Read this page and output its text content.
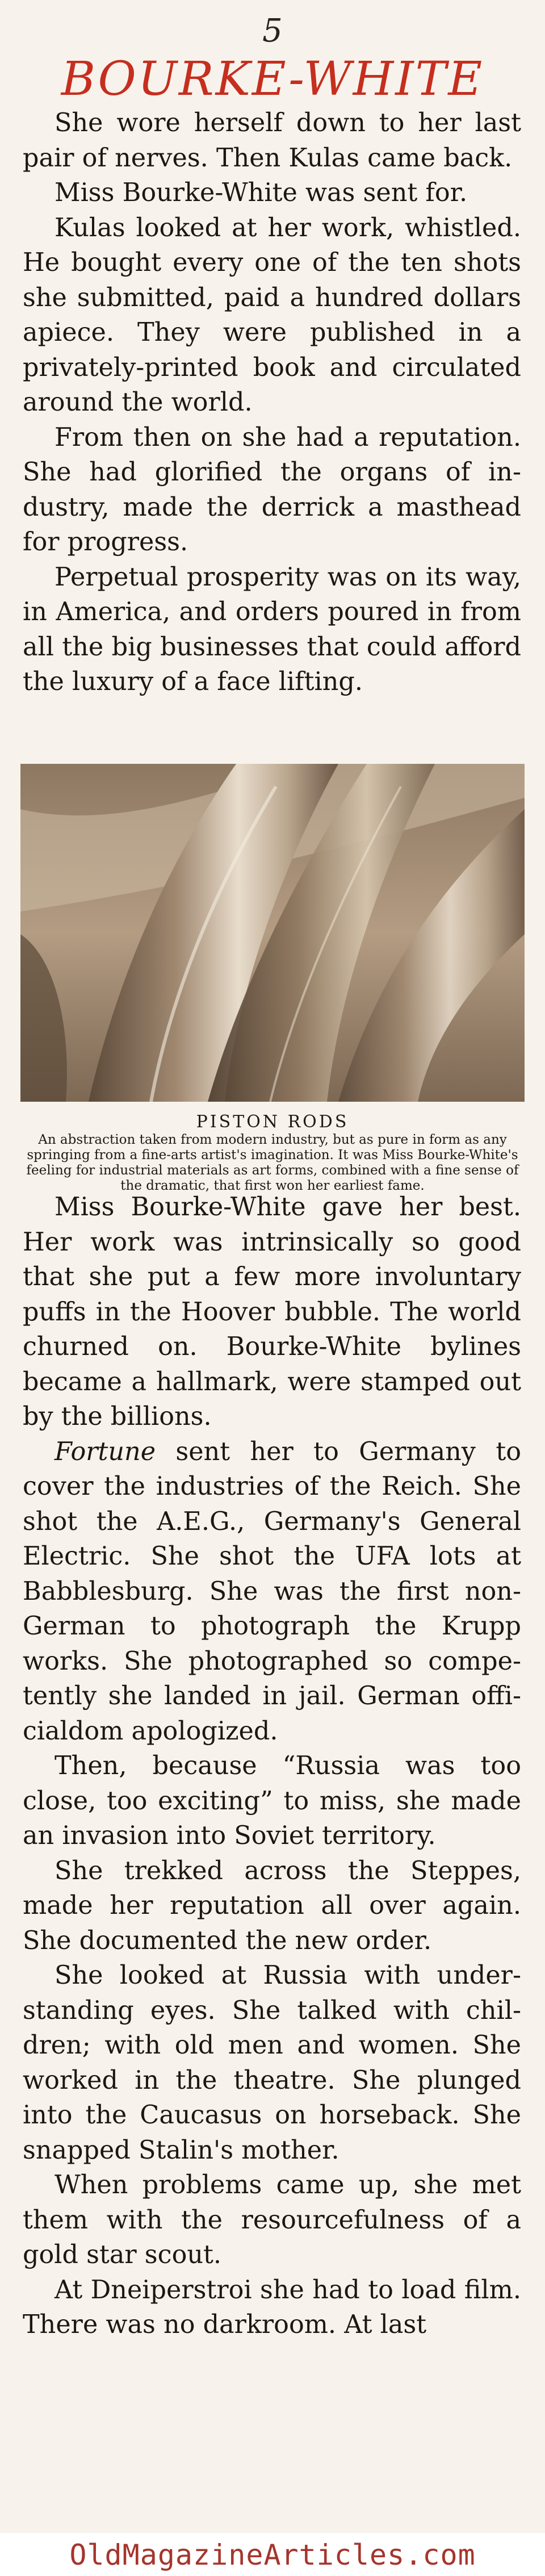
5
BOURKE-WHITE

She wore herself down to her last pair of nerves. Then Kulas came back.

Miss Bourke-White was sent for.

Kulas looked at her work, whistled. He bought every one of the ten shots she submitted, paid a hundred dollars apiece. They were published in a privately-printed book and circulated around the world.

From then on she had a reputation. She had glorified the organs of industry, made the derrick a masthead for progress.

Perpetual prosperity was on its way, in America, and orders poured in from all the big businesses that could afford the luxury of a face lifting.

PISTON RODS
An abstraction taken from modern industry, but as pure in form as any springing from a fine-arts artist's imagination. It was Miss Bourke-White's feeling for industrial materials as art forms, combined with a fine sense of the dramatic, that first won her earliest fame.

Miss Bourke-White gave her best. Her work was intrinsically so good that she put a few more involuntary puffs in the Hoover bubble. The world churned on. Bourke-White bylines became a hallmark, were stamped out by the billions.

Fortune sent her to Germany to cover the industries of the Reich. She shot the A.E.G., Germany's General Electric. She shot the UFA lots at Babblesburg. She was the first non-German to photograph the Krupp works. She photographed so competently she landed in jail. German officialdom apologized.

Then, because “Russia was too close, too exciting” to miss, she made an invasion into Soviet territory.

She trekked across the Steppes, made her reputation all over again. She documented the new order.

She looked at Russia with understanding eyes. She talked with children; with old men and women. She worked in the theatre. She plunged into the Caucasus on horseback. She snapped Stalin's mother.

When problems came up, she met them with the resourcefulness of a gold star scout.

At Dneiperstroi she had to load film. There was no darkroom. At last

OldMagazineArticles.com
